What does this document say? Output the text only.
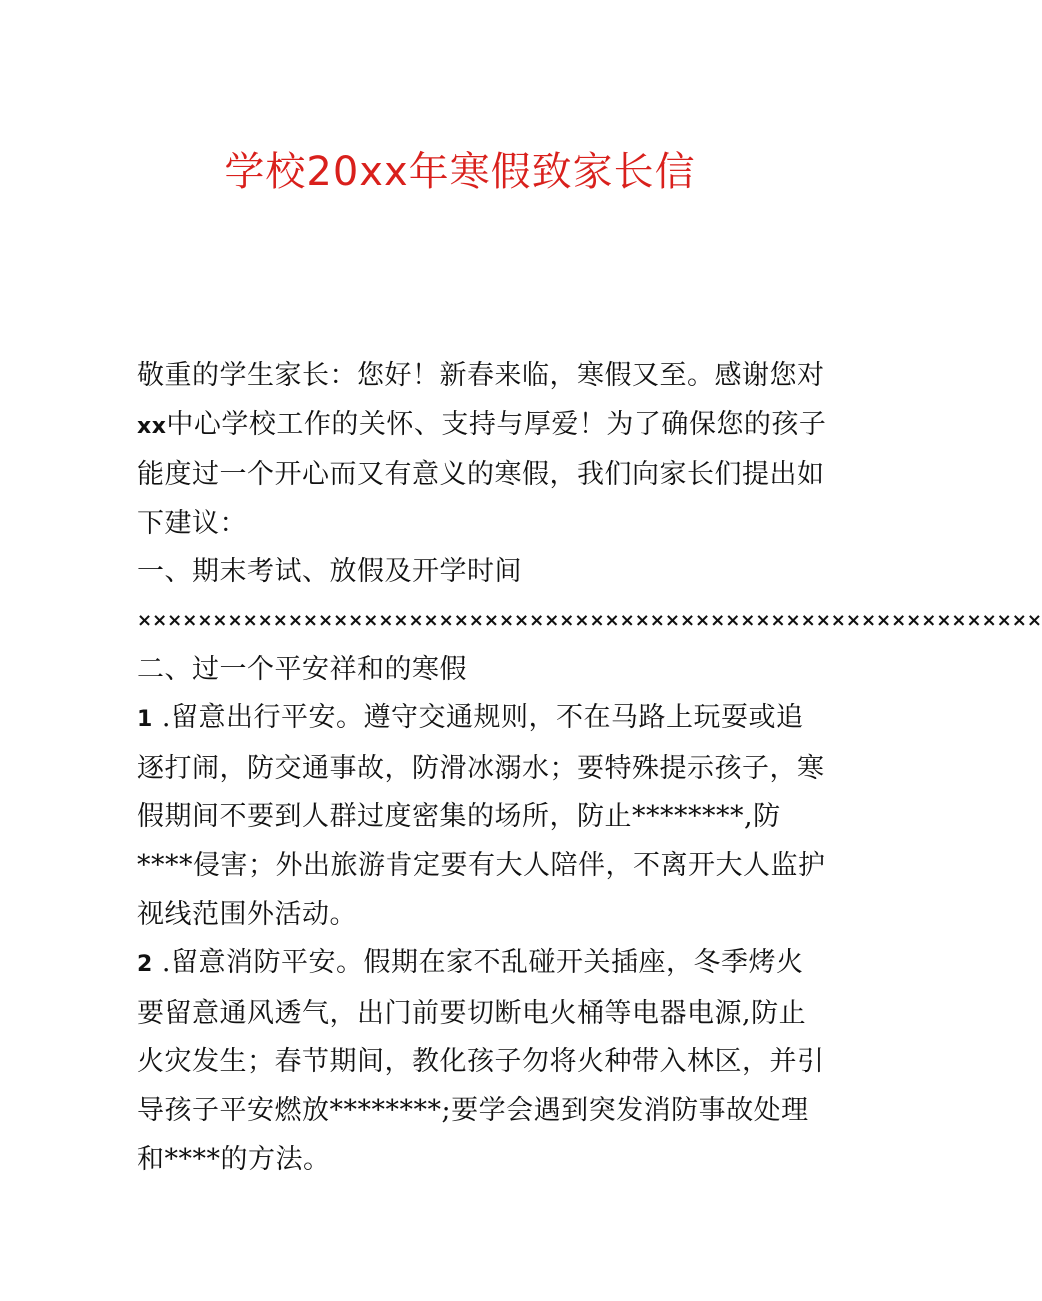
学校20xx年寒假致家长信

敬重的学生家长：您好！新春来临，寒假又至。感谢您对
xx中心学校工作的关怀、支持与厚爱！为了确保您的孩子
能度过一个开心而又有意义的寒假，我们向家长们提出如
下建议：

一、期末考试、放假及开学时间

××××××××××××××××××××××××××××××××××××××××××××××××××××××××××××

二、过一个平安祥和的寒假

1 .留意出行平安。遵守交通规则，不在马路上玩耍或追
逐打闹，防交通事故，防滑冰溺水；要特殊提示孩子，寒
假期间不要到人群过度密集的场所，防止********,防
****侵害；外出旅游肯定要有大人陪伴，不离开大人监护
视线范围外活动。

2 .留意消防平安。假期在家不乱碰开关插座，冬季烤火
要留意通风透气，出门前要切断电火桶等电器电源,防止
火灾发生；春节期间，教化孩子勿将火种带入林区，并引
导孩子平安燃放********;要学会遇到突发消防事故处理
和****的方法。
